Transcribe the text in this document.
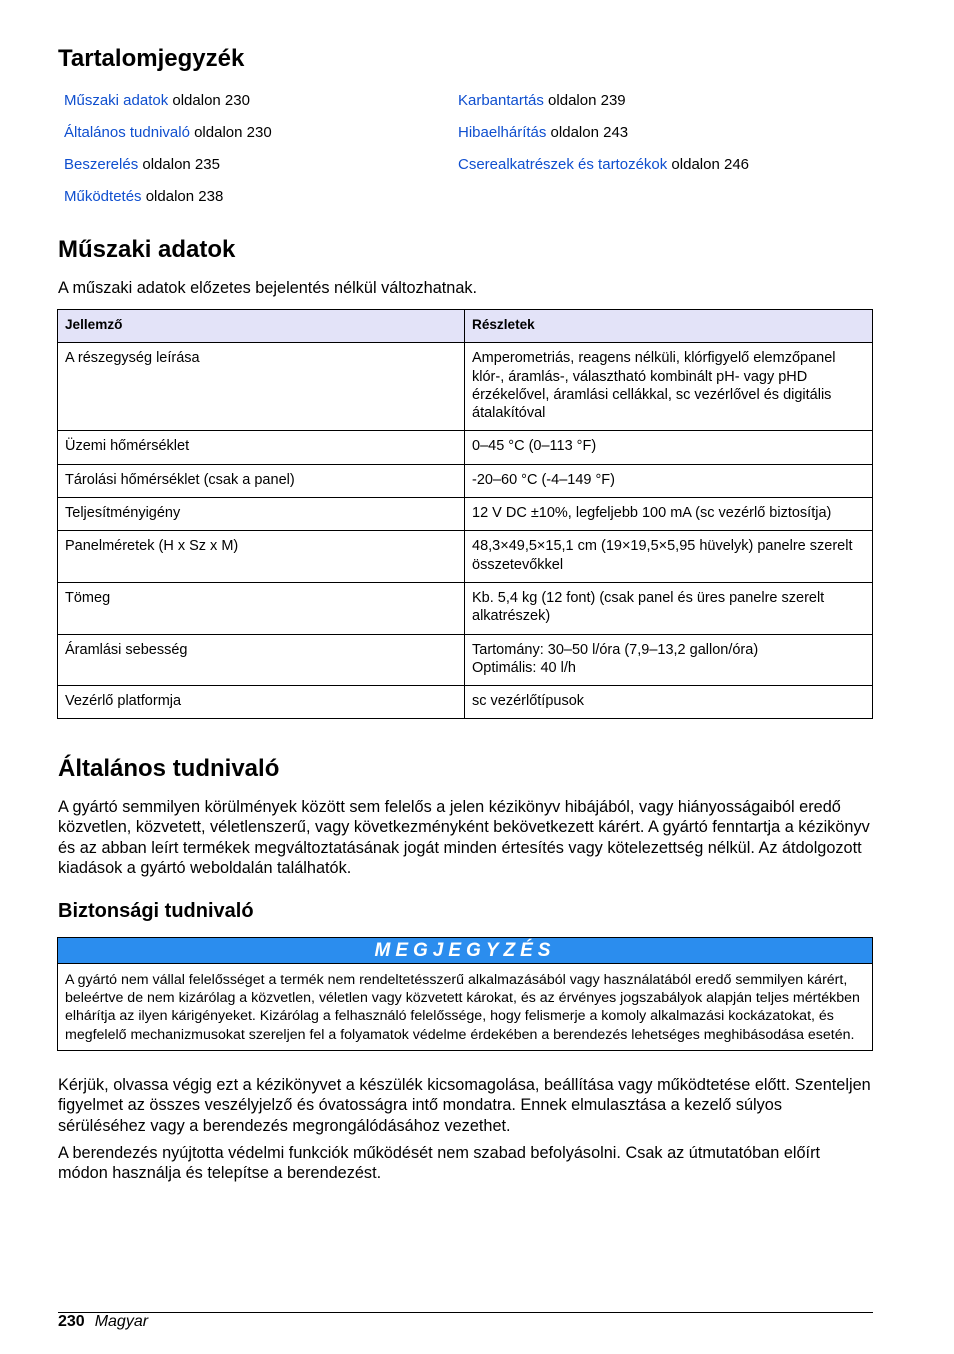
Tartalomjegyzék
Műszaki adatok oldalon 230
Általános tudnivaló oldalon 230
Beszerelés oldalon 235
Működtetés oldalon 238
Karbantartás oldalon 239
Hibaelhárítás oldalon 243
Cserealkatrészek és tartozékok oldalon 246
Műszaki adatok

A műszaki adatok előzetes bejelentés nélkül változhatnak.

Jellemző	Részletek
A részegység leírása	Amperometriás, reagens nélküli, klórfigyelő elemzőpanel klór-, áramlás-, választható kombinált pH- vagy pHD érzékelővel, áramlási cellákkal, sc vezérlővel és digitális átalakítóval
Üzemi hőmérséklet	0–45 °C (0–113 °F)
Tárolási hőmérséklet (csak a panel)	-20–60 °C (-4–149 °F)
Teljesítményigény	12 V DC ±10%, legfeljebb 100 mA (sc vezérlő biztosítja)
Panelméretek (H x Sz x M)	48,3×49,5×15,1 cm (19×19,5×5,95 hüvelyk) panelre szerelt összetevőkkel
Tömeg	Kb. 5,4 kg (12 font) (csak panel és üres panelre szerelt alkatrészek)
Áramlási sebesség	Tartomány: 30–50 l/óra (7,9–13,2 gallon/óra)
Optimális: 40 l/h
Vezérlő platformja	sc vezérlőtípusok
Általános tudnivaló

A gyártó semmilyen körülmények között sem felelős a jelen kézikönyv hibájából, vagy hiányosságaiból eredő közvetlen, közvetett, véletlenszerű, vagy következményként bekövetkezett kárért. A gyártó fenntartja a kézikönyv és az abban leírt termékek megváltoztatásának jogát minden értesítés vagy kötelezettség nélkül. Az átdolgozott kiadások a gyártó weboldalán találhatók.

Biztonsági tudnivaló
MEGJEGYZÉS
A gyártó nem vállal felelősséget a termék nem rendeltetésszerű alkalmazásából vagy használatából eredő semmilyen kárért, beleértve de nem kizárólag a közvetlen, véletlen vagy közvetett károkat, és az érvényes jogszabályok alapján teljes mértékben elhárítja az ilyen kárigényeket. Kizárólag a felhasználó felelőssége, hogy felismerje a komoly alkalmazási kockázatokat, és megfelelő mechanizmusokat szereljen fel a folyamatok védelme érdekében a berendezés lehetséges meghibásodása esetén.

Kérjük, olvassa végig ezt a kézikönyvet a készülék kicsomagolása, beállítása vagy működtetése előtt. Szenteljen figyelmet az összes veszélyjelző és óvatosságra intő mondatra. Ennek elmulasztása a kezelő súlyos sérüléséhez vagy a berendezés megrongálódásához vezethet.

A berendezés nyújtotta védelmi funkciók működését nem szabad befolyásolni. Csak az útmutatóban előírt módon használja és telepítse a berendezést.

230 Magyar
